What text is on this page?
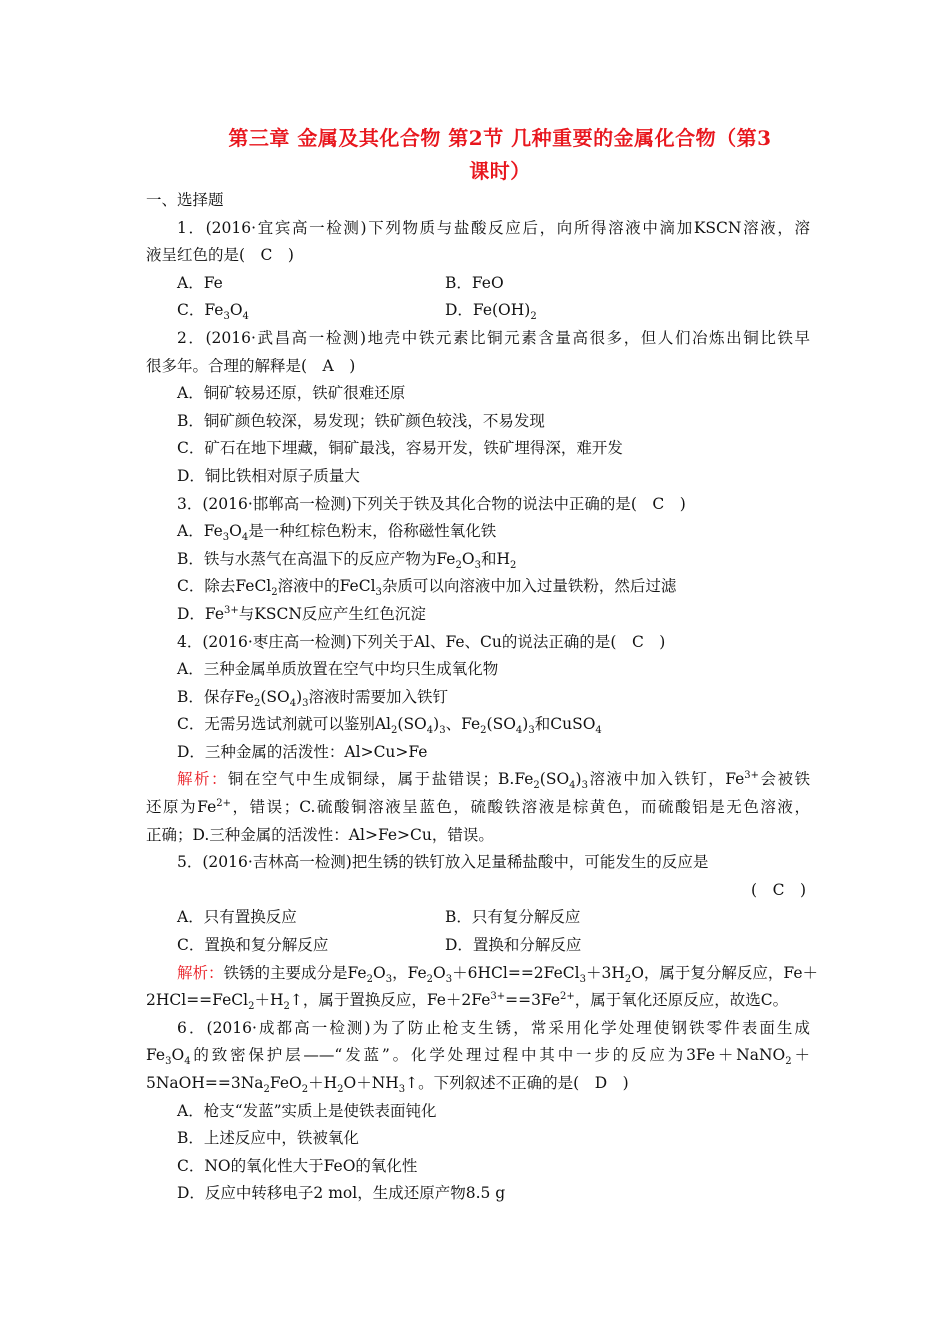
第三章 金属及其化合物 第2节 几种重要的金属化合物（第3
课时）
一、选择题
1．(2016·宜宾高一检测)下列物质与盐酸反应后，向所得溶液中滴加KSCN溶液，溶
液呈红色的是(　C　)
A．Fe	B．FeO
C．$Fe_3O_4$	D．$Fe(OH)_2$
2．(2016·武昌高一检测)地壳中铁元素比铜元素含量高很多，但人们冶炼出铜比铁早
很多年。合理的解释是(　A　)
A．铜矿较易还原，铁矿很难还原
B．铜矿颜色较深，易发现；铁矿颜色较浅，不易发现
C．矿石在地下埋藏，铜矿最浅，容易开发，铁矿埋得深，难开发
D．铜比铁相对原子质量大
3．(2016·邯郸高一检测)下列关于铁及其化合物的说法中正确的是(　C　)
A．$Fe_3O_4$是一种红棕色粉末，俗称磁性氧化铁
B．铁与水蒸气在高温下的反应产物为$Fe_2O_3$和$H_2$
C．除去FeCl$_2$溶液中的FeCl$_3$杂质可以向溶液中加入过量铁粉，然后过滤
D．$Fe^{3+}$与KSCN反应产生红色沉淀
4．(2016·枣庄高一检测)下列关于Al、Fe、Cu的说法正确的是(　C　)
A．三种金属单质放置在空气中均只生成氧化物
B．保存$Fe_2(SO_4)_3$溶液时需要加入铁钉
C．无需另选试剂就可以鉴别$Al_2(SO_4)_3$、$Fe_2(SO_4)_3$和CuSO$_4$
D．三种金属的活泼性：Al>Cu>Fe
解析：铜在空气中生成铜绿，属于盐错误；$B.Fe_2(SO_4)_3$溶液中加入铁钉，$Fe^{3+}$会被铁
还原为$Fe^{2+}$，错误；C.硫酸铜溶液呈蓝色，硫酸铁溶液是棕黄色，而硫酸铝是无色溶液，
正确；D.三种金属的活泼性：Al>Fe>Cu，错误。
5．(2016·吉林高一检测)把生锈的铁钉放入足量稀盐酸中，可能发生的反应是
(　C　)
A．只有置换反应	B．只有复分解反应
C．置换和复分解反应	D．置换和分解反应
解析：铁锈的主要成分是$Fe_2O_3$，$Fe_2O_3+6HCl==2FeCl_3+3H_2O$，属于复分解反应，Fe＋
$2HCl==FeCl_2+H_2↑$，属于置换反应，$Fe+2Fe^{3+}==3Fe^{2+}$，属于氧化还原反应，故选C。
6．(2016·成都高一检测)为了防止枪支生锈，常采用化学处理使钢铁零件表面生成
$Fe_3O_4$的致密保护层——“发蓝”。化学处理过程中其中一步的反应为3Fe＋NaNO$_2$＋
$5NaOH==3Na_2FeO_2+H_2O+NH_3↑$。下列叙述不正确的是(　D　)
A．枪支“发蓝”实质上是使铁表面钝化
B．上述反应中，铁被氧化
C．NO的氧化性大于FeO的氧化性
D．反应中转移电子2 mol，生成还原产物8.5 g
